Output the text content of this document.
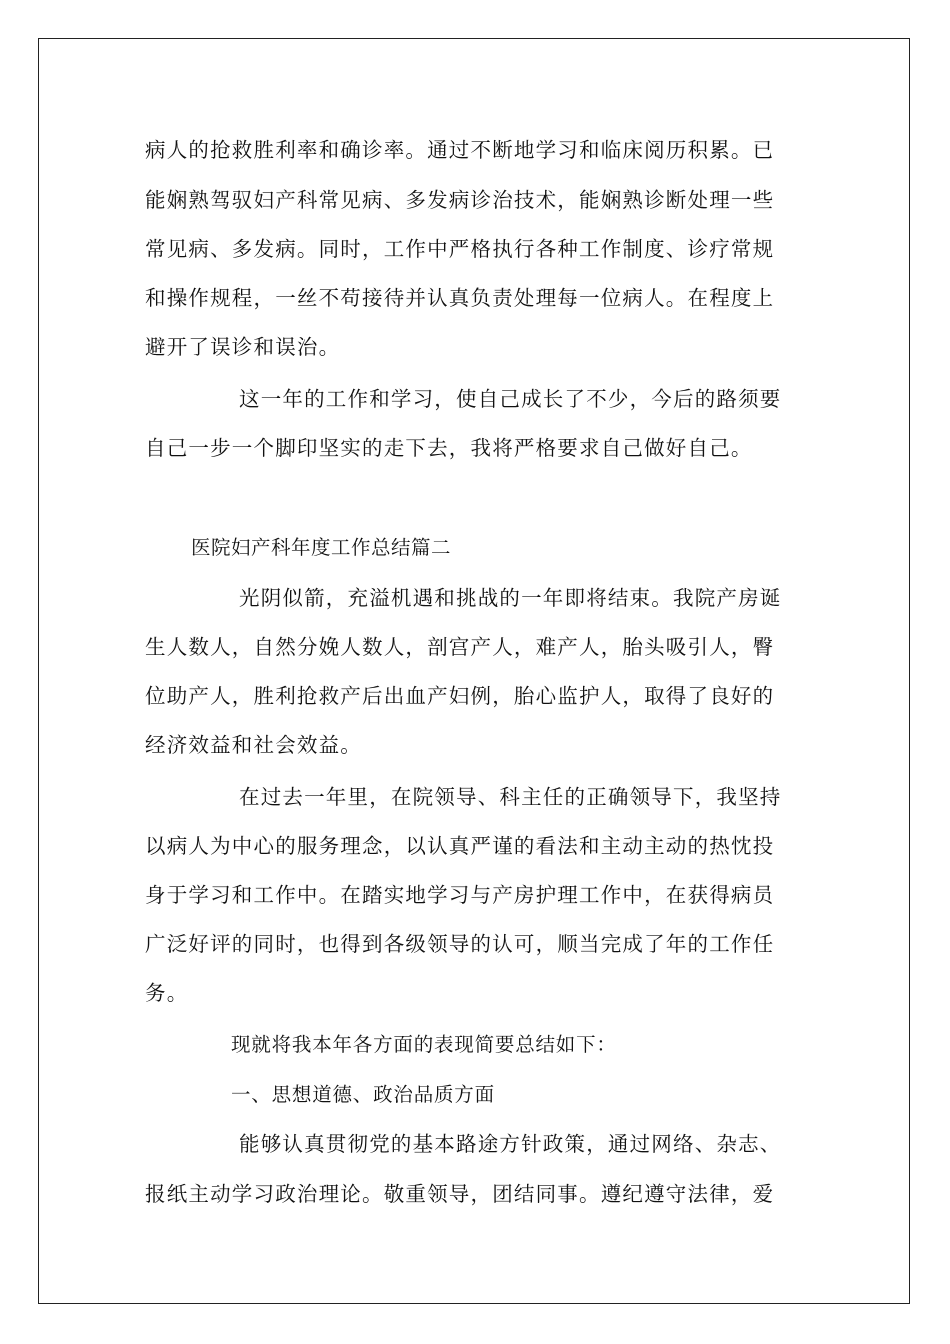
病人的抢救胜利率和确诊率。通过不断地学习和临床阅历积累。已
能娴熟驾驭妇产科常见病、多发病诊治技术，能娴熟诊断处理一些
常见病、多发病。同时，工作中严格执行各种工作制度、诊疗常规
和操作规程，一丝不苟接待并认真负责处理每一位病人。在程度上
避开了误诊和误治。
这一年的工作和学习，使自己成长了不少，今后的路须要
自己一步一个脚印坚实的走下去，我将严格要求自己做好自己。
医院妇产科年度工作总结篇二
光阴似箭，充溢机遇和挑战的一年即将结束。我院产房诞
生人数人，自然分娩人数人，剖宫产人，难产人，胎头吸引人，臀
位助产人，胜利抢救产后出血产妇例，胎心监护人，取得了良好的
经济效益和社会效益。
在过去一年里，在院领导、科主任的正确领导下，我坚持
以病人为中心的服务理念，以认真严谨的看法和主动主动的热忱投
身于学习和工作中。在踏实地学习与产房护理工作中，在获得病员
广泛好评的同时，也得到各级领导的认可，顺当完成了年的工作任
务。
现就将我本年各方面的表现简要总结如下：
一、思想道德、政治品质方面
能够认真贯彻党的基本路途方针政策，通过网络、杂志、
报纸主动学习政治理论。敬重领导，团结同事。遵纪遵守法律，爱
